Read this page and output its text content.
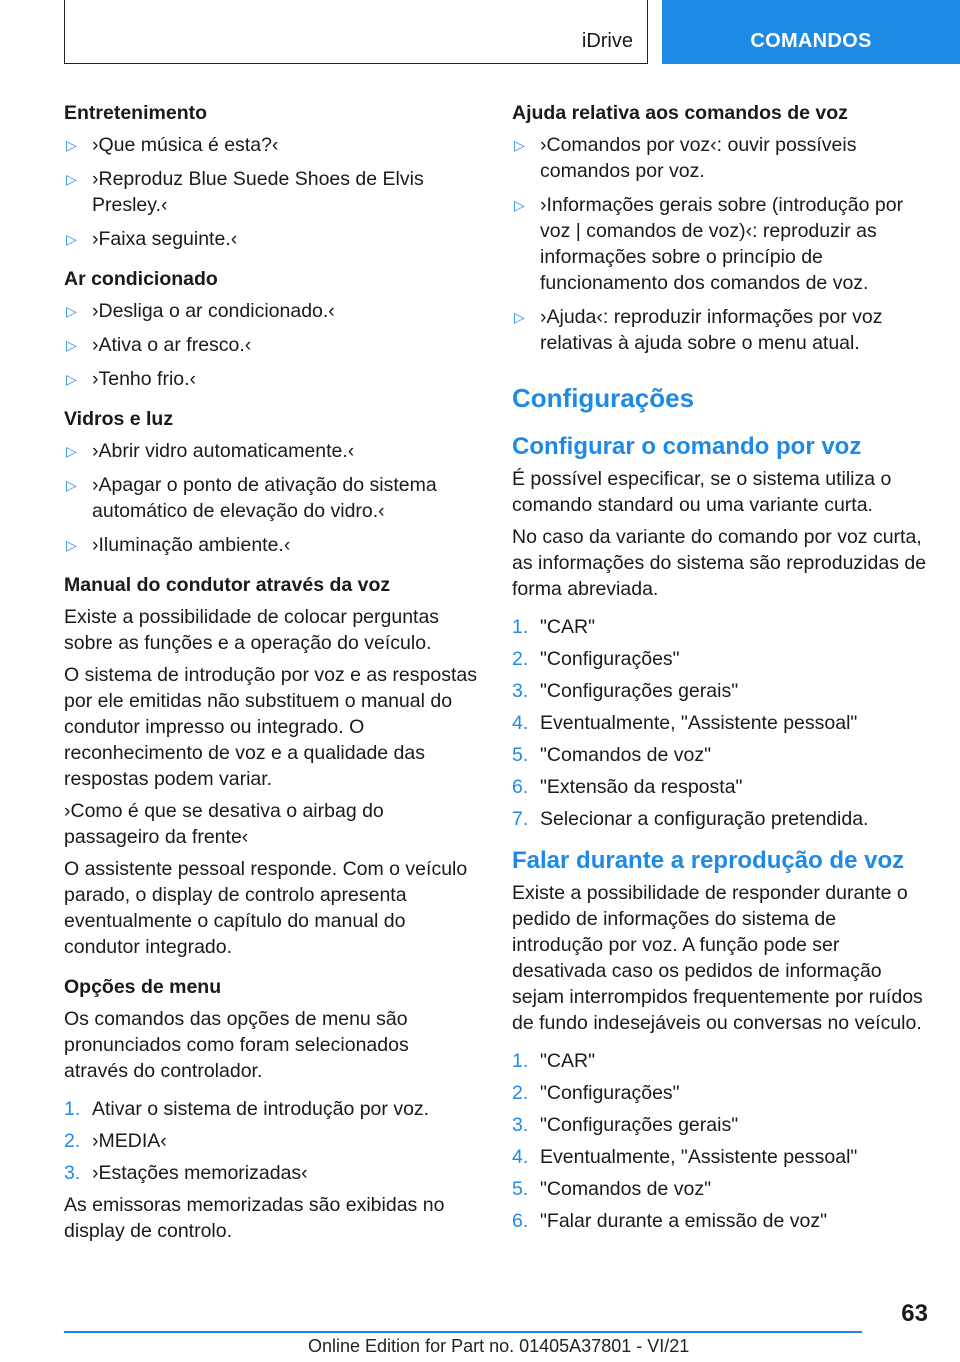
iDrive	COMANDOS
Entretenimento
▷ ›Que música é esta?‹
▷ ›Reproduz Blue Suede Shoes de Elvis Presley.‹
▷ ›Faixa seguinte.‹
Ar condicionado
▷ ›Desliga o ar condicionado.‹
▷ ›Ativa o ar fresco.‹
▷ ›Tenho frio.‹
Vidros e luz
▷ ›Abrir vidro automaticamente.‹
▷ ›Apagar o ponto de ativação do sistema automático de elevação do vidro.‹
▷ ›Iluminação ambiente.‹
Manual do condutor através da voz
Existe a possibilidade de colocar perguntas sobre as funções e a operação do veículo.
O sistema de introdução por voz e as respostas por ele emitidas não substituem o manual do condutor impresso ou integrado. O reconhecimento de voz e a qualidade das respostas podem variar.
›Como é que se desativa o airbag do passageiro da frente‹
O assistente pessoal responde. Com o veículo parado, o display de controlo apresenta eventualmente o capítulo do manual do condutor integrado.
Opções de menu
Os comandos das opções de menu são pronunciados como foram selecionados através do controlador.
1. Ativar o sistema de introdução por voz.
2. ›MEDIA‹
3. ›Estações memorizadas‹
As emissoras memorizadas são exibidas no display de controlo.
Ajuda relativa aos comandos de voz
▷ ›Comandos por voz‹: ouvir possíveis comandos por voz.
▷ ›Informações gerais sobre (introdução por voz | comandos de voz)‹: reproduzir as informações sobre o princípio de funcionamento dos comandos de voz.
▷ ›Ajuda‹: reproduzir informações por voz relativas à ajuda sobre o menu atual.
Configurações
Configurar o comando por voz
É possível especificar, se o sistema utiliza o comando standard ou uma variante curta.
No caso da variante do comando por voz curta, as informações do sistema são reproduzidas de forma abreviada.
1. "CAR"
2. "Configurações"
3. "Configurações gerais"
4. Eventualmente, "Assistente pessoal"
5. "Comandos de voz"
6. "Extensão da resposta"
7. Selecionar a configuração pretendida.
Falar durante a reprodução de voz
Existe a possibilidade de responder durante o pedido de informações do sistema de introdução por voz. A função pode ser desativada caso os pedidos de informação sejam interrompidos frequentemente por ruídos de fundo indesejáveis ou conversas no veículo.
1. "CAR"
2. "Configurações"
3. "Configurações gerais"
4. Eventualmente, "Assistente pessoal"
5. "Comandos de voz"
6. "Falar durante a emissão de voz"
63
Online Edition for Part no. 01405A37801 - VI/21
